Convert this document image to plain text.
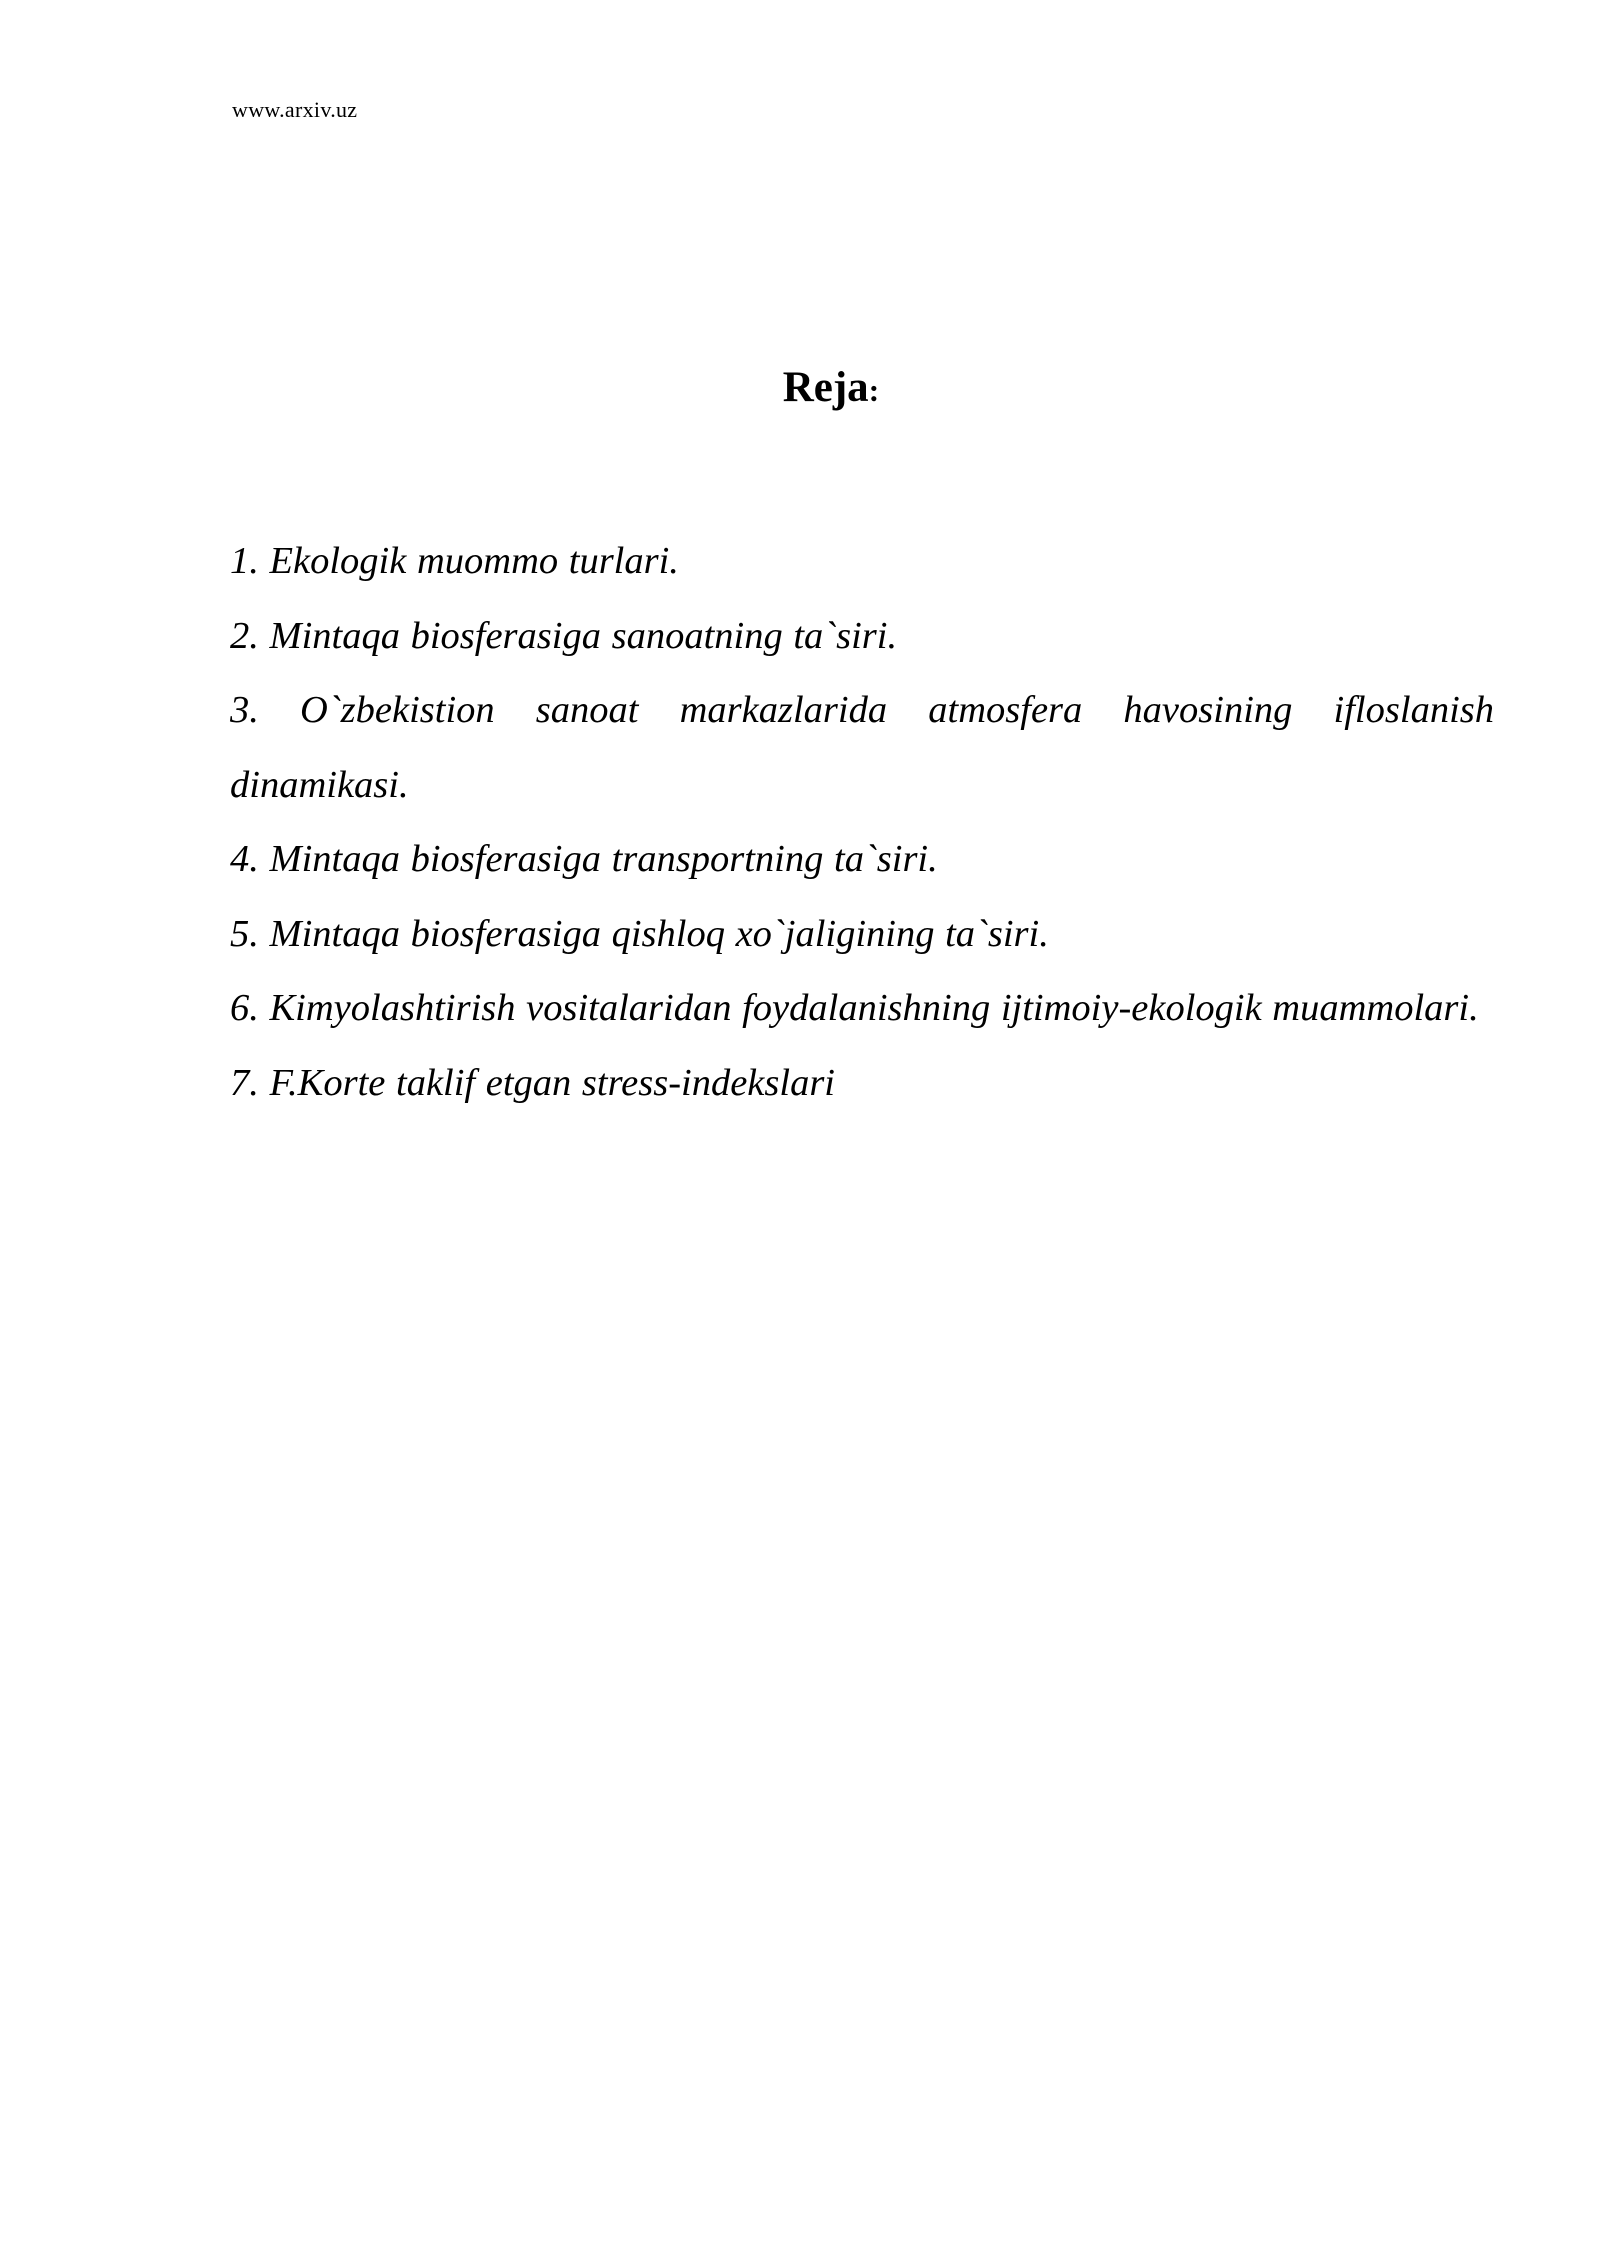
www.arxiv.uz
Reja:
1. Ekologik muommo turlari.
2. Mintaqa biosferasiga sanoatning ta`siri.
3. O`zbekistion sanoat markazlarida atmosfera havosining ifloslanish dinamikasi.
4. Mintaqa biosferasiga transportning ta`siri.
5. Mintaqa biosferasiga qishloq xo`jaligining ta`siri.
6. Kimyolashtirish vositalaridan foydalanishning ijtimoiy-ekologik muammolari.
7. F.Korte taklif etgan stress-indekslari
